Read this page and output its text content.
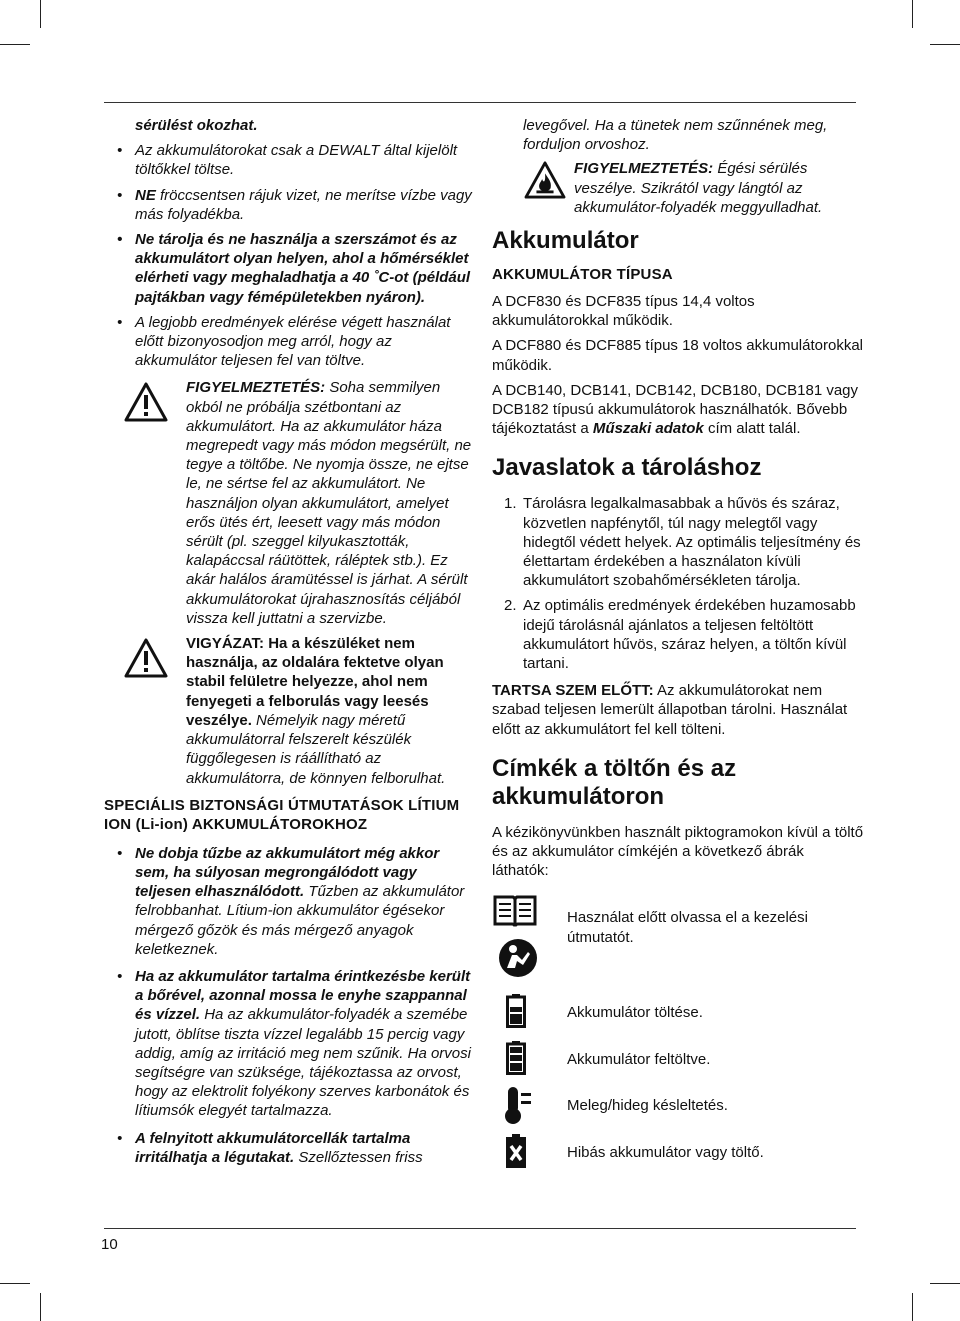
sérülést okozhat.

• Az akkumulátorokat csak a DEWALT által kijelölt töltőkkel töltse.
• NE fröccsentsen rájuk vizet, ne merítse vízbe vagy más folyadékba.
• Ne tárolja és ne használja a szerszámot és az akkumulátort olyan helyen, ahol a hőmérséklet elérheti vagy meghaladhatja a 40 ˚C-ot (például pajtákban vagy fémépületekben nyáron).
• A legjobb eredmények elérése végett használat előtt bizonyosodjon meg arról, hogy az akkumulátor teljesen fel van töltve.
FIGYELMEZTETÉS: Soha semmilyen okból ne próbálja szétbontani az akkumulátort. Ha az akkumulátor háza megrepedt vagy más módon megsérült, ne tegye a töltőbe. Ne nyomja össze, ne ejtse le, ne sértse fel az akkumulátort. Ne használjon olyan akkumulátort, amelyet erős ütés ért, leesett vagy más módon sérült (pl. szeggel kilyukasztották, kalapáccsal ráütöttek, ráléptek stb.). Ez akár halálos áramütéssel is járhat. A sérült akkumulátorokat újrahasznosítás céljából vissza kell juttatni a szervizbe.
VIGYÁZAT: Ha a készüléket nem használja, az oldalára fektetve olyan stabil felületre helyezze, ahol nem fenyegeti a felborulás vagy leesés veszélye. Némelyik nagy méretű akkumulátorral felszerelt készülék függőlegesen is ráállítható az akkumulátorra, de könnyen felborulhat.

SPECIÁLIS BIZTONSÁGI ÚTMUTATÁSOK LÍTIUM ION (Li-ion) AKKUMULÁTOROKHOZ

• Ne dobja tűzbe az akkumulátort még akkor sem, ha súlyosan megrongálódott vagy teljesen elhasználódott. Tűzben az akkumulátor felrobbanhat. Lítium-ion akkumulátor égésekor mérgező gőzök és más mérgező anyagok keletkeznek.
• Ha az akkumulátor tartalma érintkezésbe került a bőrével, azonnal mossa le enyhe szappannal és vízzel. Ha az akkumulátor-folyadék a szemébe jutott, öblítse tiszta vízzel legalább 15 percig vagy addig, amíg az irritáció meg nem szűnik. Ha orvosi segítségre van szüksége, tájékoztassa az orvost, hogy az elektrolit folyékony szerves karbonátok és lítiumsók elegyét tartalmazza.
• A felnyitott akkumulátorcellák tartalma irritálhatja a légutakat. Szellőztessen friss

levegővel. Ha a tünetek nem szűnnének meg, forduljon orvoshoz.

FIGYELMEZTETÉS: Égési sérülés veszélye. Szikrától vagy lángtól az akkumulátor-folyadék meggyulladhat.

Akkumulátor

AKKUMULÁTOR TÍPUSA

A DCF830 és DCF835 típus 14,4 voltos akkumulátorokkal működik.

A DCF880 és DCF885 típus 18 voltos akkumulátorokkal működik.

A DCB140, DCB141, DCB142, DCB180, DCB181 vagy DCB182 típusú akkumulátorok használhatók. Bővebb tájékoztatást a Műszaki adatok cím alatt talál.

Javaslatok a tároláshoz

1. Tárolásra legalkalmasabbak a hűvös és száraz, közvetlen napfénytől, túl nagy melegtől vagy hidegtől védett helyek. Az optimális teljesítmény és élettartam érdekében a használaton kívüli akkumulátort szobahőmérsékleten tárolja.
2. Az optimális eredmények érdekében huzamosabb idejű tárolásnál ajánlatos a teljesen feltöltött akkumulátort hűvös, száraz helyen, a töltőn kívül tartani.

TARTSA SZEM ELŐTT: Az akkumulátorokat nem szabad teljesen lemerült állapotban tárolni. Használat előtt az akkumulátort fel kell tölteni.

Címkék a töltőn és az akkumulátoron

A kézikönyvünkben használt piktogramokon kívül a töltő és az akkumulátor címkéjén a következő ábrák láthatók:

Használat előtt olvassa el a kezelési útmutatót.
Akkumulátor töltése.
Akkumulátor feltöltve.
Meleg/hideg késleltetés.
Hibás akkumulátor vagy töltő.
10
